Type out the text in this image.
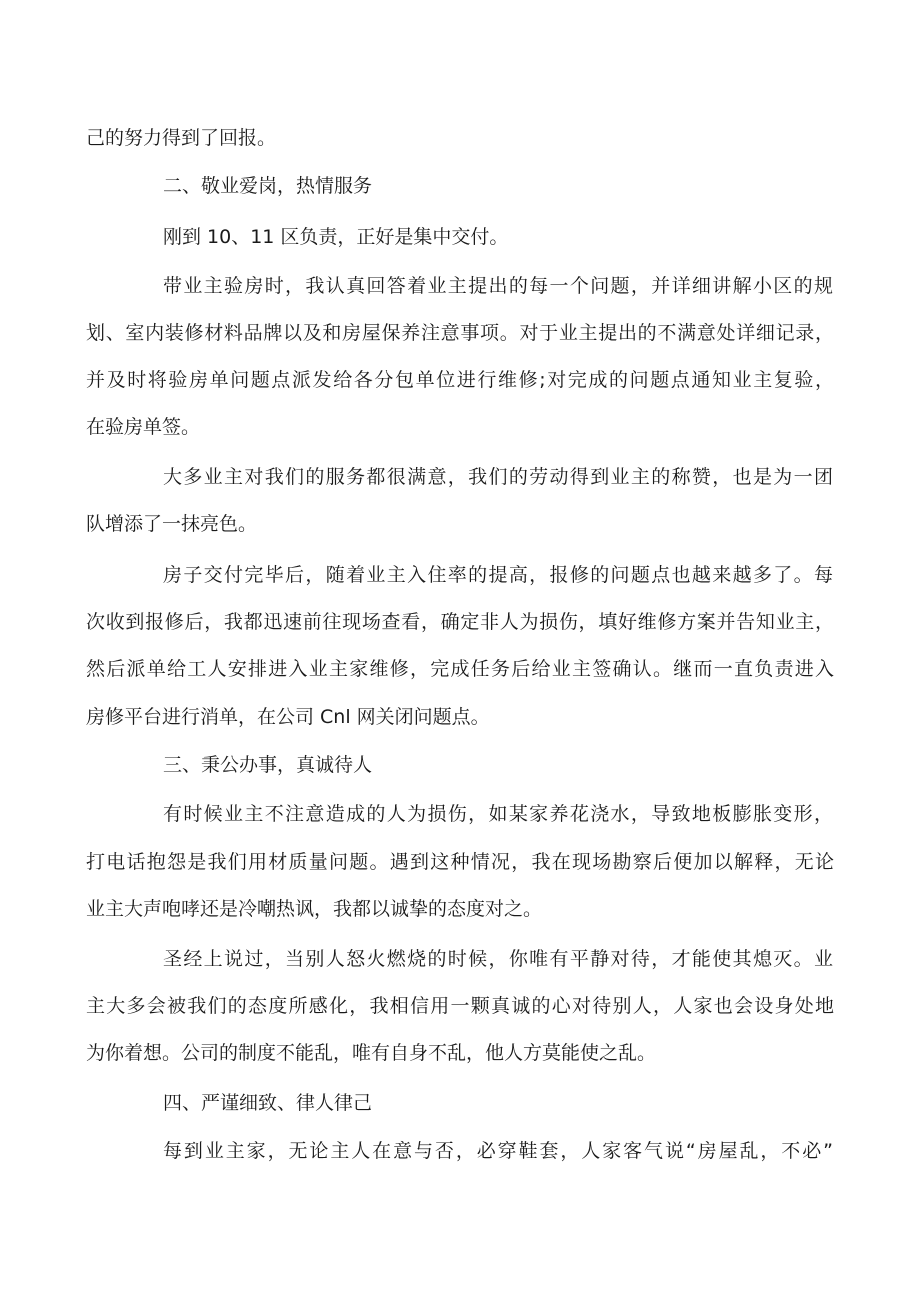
己的努力得到了回报。
二、敬业爱岗，热情服务
刚到 10、11 区负责，正好是集中交付。
带业主验房时，我认真回答着业主提出的每一个问题，并详细讲解小区的规
划、室内装修材料品牌以及和房屋保养注意事项。对于业主提出的不满意处详细记录，
并及时将验房单问题点派发给各分包单位进行维修;对完成的问题点通知业主复验，
在验房单签。
大多业主对我们的服务都很满意，我们的劳动得到业主的称赞，也是为一团
队增添了一抹亮色。
房子交付完毕后，随着业主入住率的提高，报修的问题点也越来越多了。每
次收到报修后，我都迅速前往现场查看，确定非人为损伤，填好维修方案并告知业主，
然后派单给工人安排进入业主家维修，完成任务后给业主签确认。继而一直负责进入
房修平台进行消单，在公司 Cnl 网关闭问题点。
三、秉公办事，真诚待人
有时候业主不注意造成的人为损伤，如某家养花浇水，导致地板膨胀变形，
打电话抱怨是我们用材质量问题。遇到这种情况，我在现场勘察后便加以解释，无论
业主大声咆哮还是冷嘲热讽，我都以诚挚的态度对之。
圣经上说过，当别人怒火燃烧的时候，你唯有平静对待，才能使其熄灭。业
主大多会被我们的态度所感化，我相信用一颗真诚的心对待别人，人家也会设身处地
为你着想。公司的制度不能乱，唯有自身不乱，他人方莫能使之乱。
四、严谨细致、律人律己
每到业主家，无论主人在意与否，必穿鞋套，人家客气说“房屋乱，不必”
